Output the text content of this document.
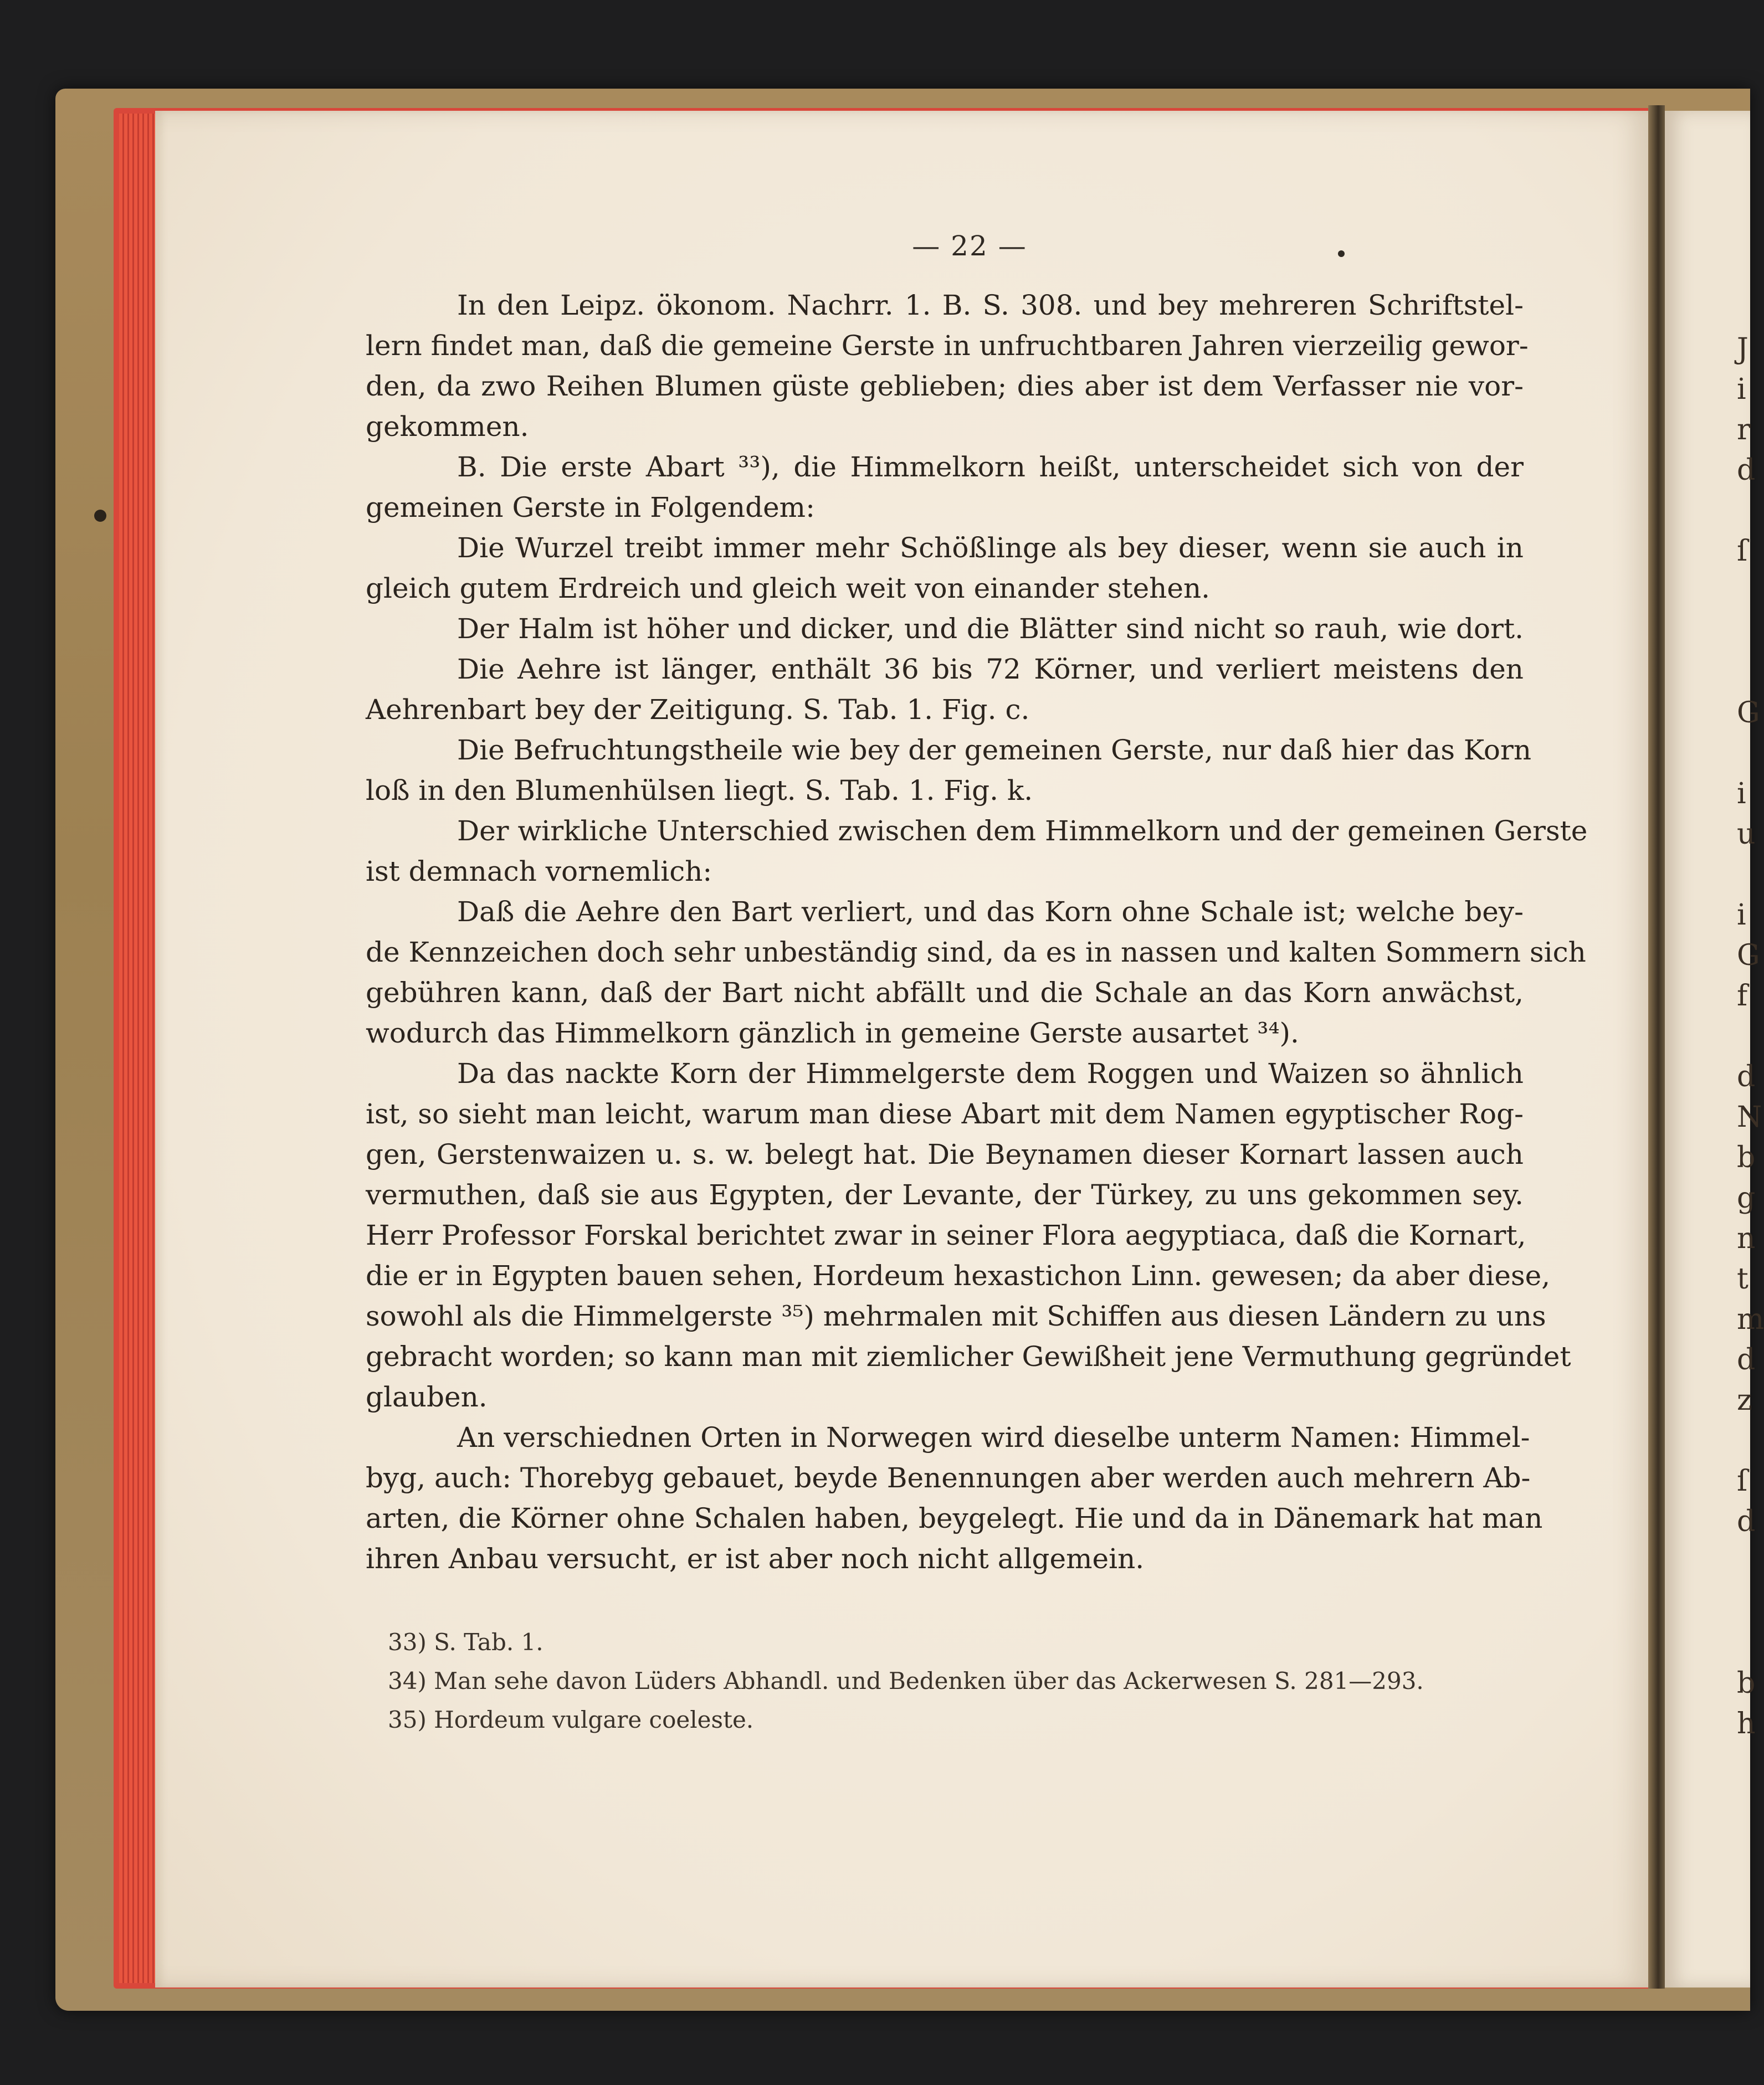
— 22 —
In den Leipz. ökonom. Nachrr. 1. B. S. 308. und bey mehreren Schriftstel-
lern findet man, daß die gemeine Gerste in unfruchtbaren Jahren vierzeilig gewor-
den, da zwo Reihen Blumen güste geblieben; dies aber ist dem Verfasser nie vor-
gekommen.
B. Die erste Abart ³³), die Himmelkorn heißt, unterscheidet sich von der
gemeinen Gerste in Folgendem:
Die Wurzel treibt immer mehr Schößlinge als bey dieser, wenn sie auch in
gleich gutem Erdreich und gleich weit von einander stehen.
Der Halm ist höher und dicker, und die Blätter sind nicht so rauh, wie dort.
Die Aehre ist länger, enthält 36 bis 72 Körner, und verliert meistens den
Aehrenbart bey der Zeitigung. S. Tab. 1. Fig. c.
Die Befruchtungstheile wie bey der gemeinen Gerste, nur daß hier das Korn
loß in den Blumenhülsen liegt. S. Tab. 1. Fig. k.
Der wirkliche Unterschied zwischen dem Himmelkorn und der gemeinen Gerste
ist demnach vornemlich:
Daß die Aehre den Bart verliert, und das Korn ohne Schale ist; welche bey-
de Kennzeichen doch sehr unbeständig sind, da es in nassen und kalten Sommern sich
gebühren kann, daß der Bart nicht abfällt und die Schale an das Korn anwächst,
wodurch das Himmelkorn gänzlich in gemeine Gerste ausartet ³⁴).
Da das nackte Korn der Himmelgerste dem Roggen und Waizen so ähnlich
ist, so sieht man leicht, warum man diese Abart mit dem Namen egyptischer Rog-
gen, Gerstenwaizen u. s. w. belegt hat. Die Beynamen dieser Kornart lassen auch
vermuthen, daß sie aus Egypten, der Levante, der Türkey, zu uns gekommen sey.
Herr Professor Forskal berichtet zwar in seiner Flora aegyptiaca, daß die Kornart,
die er in Egypten bauen sehen, Hordeum hexastichon Linn. gewesen; da aber diese,
sowohl als die Himmelgerste ³⁵) mehrmalen mit Schiffen aus diesen Ländern zu uns
gebracht worden; so kann man mit ziemlicher Gewißheit jene Vermuthung gegründet
glauben.
An verschiednen Orten in Norwegen wird dieselbe unterm Namen: Himmel-
byg, auch: Thorebyg gebauet, beyde Benennungen aber werden auch mehrern Ab-
arten, die Körner ohne Schalen haben, beygelegt. Hie und da in Dänemark hat man
ihren Anbau versucht, er ist aber noch nicht allgemein.
33) S. Tab. 1.
34) Man sehe davon Lüders Abhandl. und Bedenken über das Ackerwesen S. 281—293.
35) Hordeum vulgare coeleste.
J
i
r
d
ſ
G
i
u
i
G
f
d
N
b
g
n
t
m
d
z
ſ
d
b
h
